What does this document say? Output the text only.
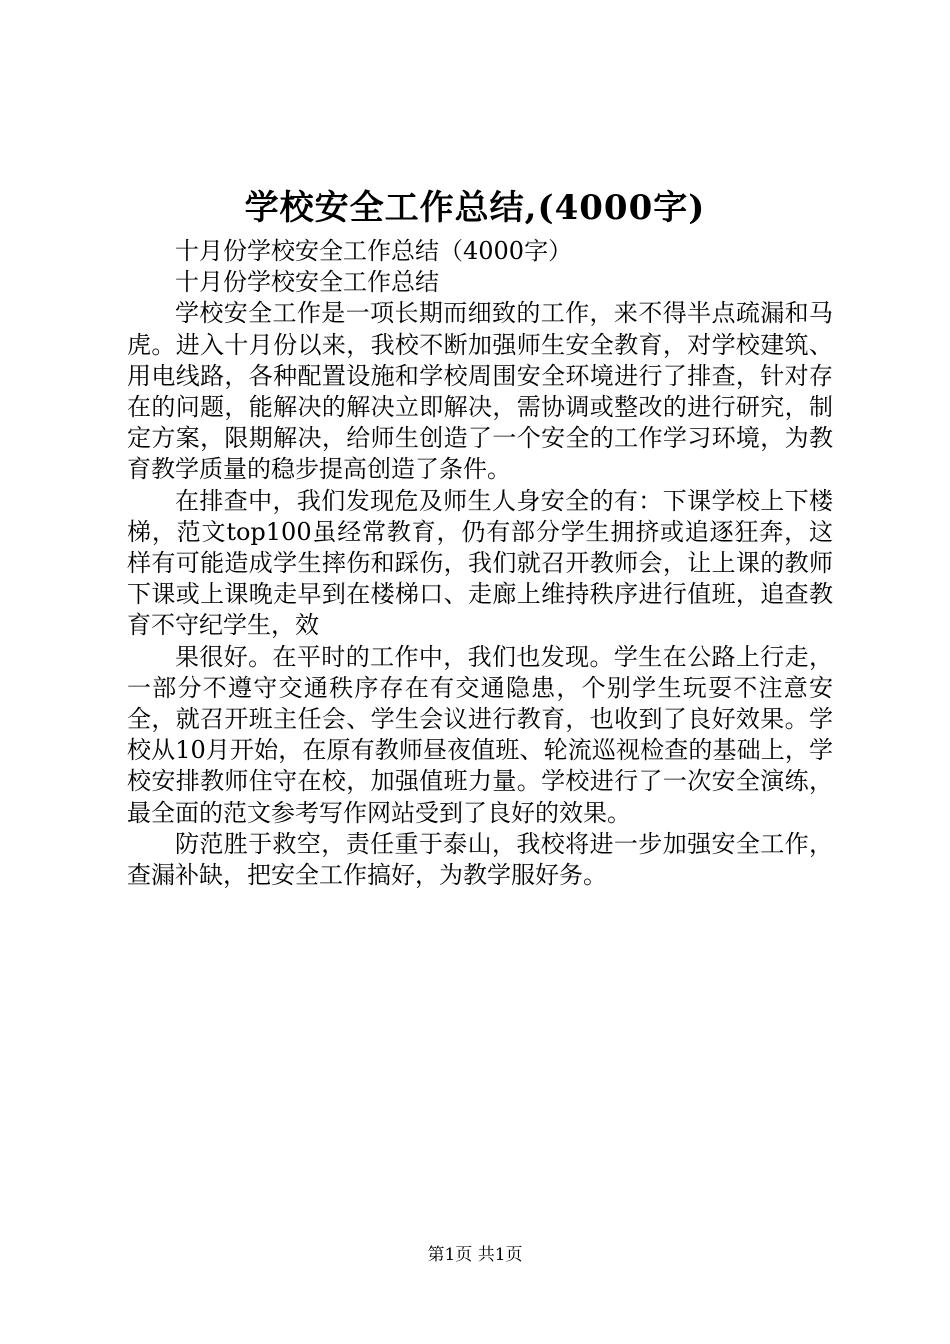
学校安全工作总结,(4000字)

十月份学校安全工作总结（4000字）

十月份学校安全工作总结

学校安全工作是一项长期而细致的工作，来不得半点疏漏和马虎。进入十月份以来，我校不断加强师生安全教育，对学校建筑、用电线路，各种配置设施和学校周围安全环境进行了排查，针对存在的问题，能解决的解决立即解决，需协调或整改的进行研究，制定方案，限期解决，给师生创造了一个安全的工作学习环境，为教育教学质量的稳步提高创造了条件。

在排查中，我们发现危及师生人身安全的有：下课学校上下楼梯，范文top100虽经常教育，仍有部分学生拥挤或追逐狂奔，这样有可能造成学生摔伤和踩伤，我们就召开教师会，让上课的教师下课或上课晚走早到在楼梯口、走廊上维持秩序进行值班，追查教育不守纪学生，效

果很好。在平时的工作中，我们也发现。学生在公路上行走，一部分不遵守交通秩序存在有交通隐患，个别学生玩耍不注意安全，就召开班主任会、学生会议进行教育，也收到了良好效果。学校从10月开始，在原有教师昼夜值班、轮流巡视检查的基础上，学校安排教师住守在校，加强值班力量。学校进行了一次安全演练，最全面的范文参考写作网站受到了良好的效果。

防范胜于救空，责任重于泰山，我校将进一步加强安全工作，查漏补缺，把安全工作搞好，为教学服好务。

第1页 共1页
